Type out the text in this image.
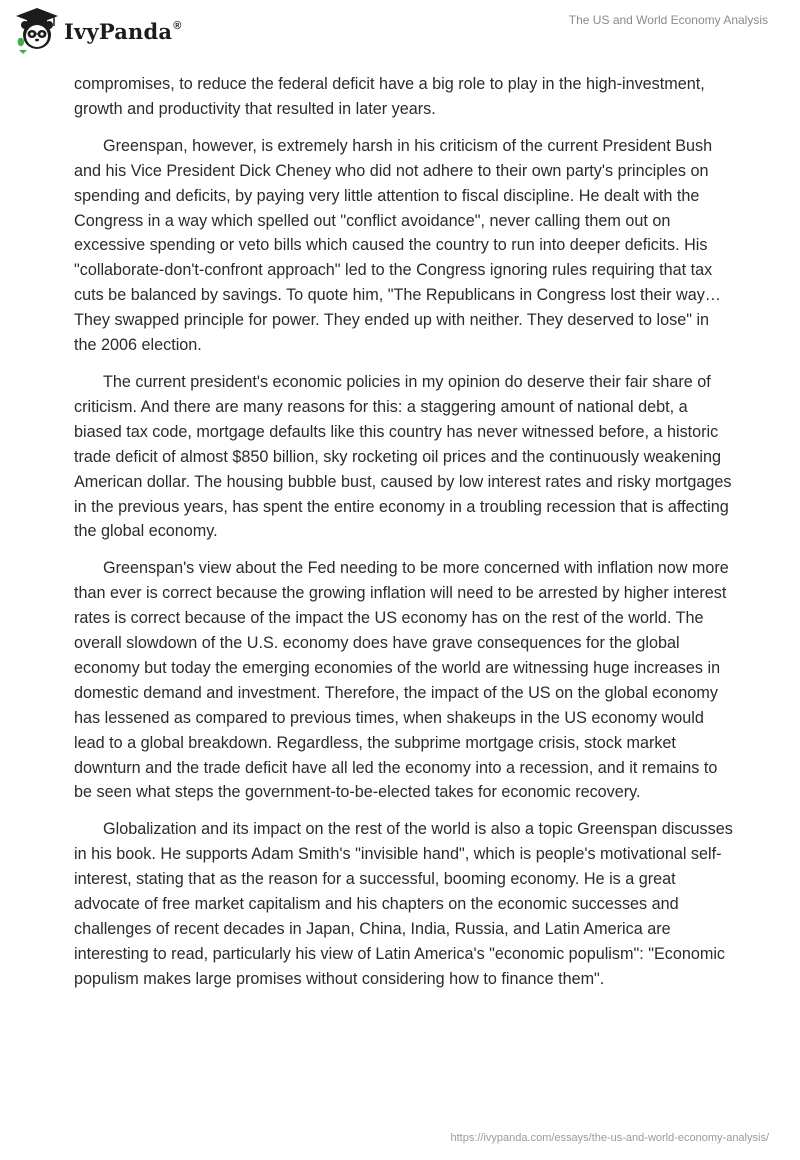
IvyPanda®	The US and World Economy Analysis

compromises, to reduce the federal deficit have a big role to play in the high-investment, growth and productivity that resulted in later years.

Greenspan, however, is extremely harsh in his criticism of the current President Bush and his Vice President Dick Cheney who did not adhere to their own party's principles on spending and deficits, by paying very little attention to fiscal discipline. He dealt with the Congress in a way which spelled out "conflict avoidance", never calling them out on excessive spending or veto bills which caused the country to run into deeper deficits. His "collaborate-don't-confront approach" led to the Congress ignoring rules requiring that tax cuts be balanced by savings. To quote him, "The Republicans in Congress lost their way… They swapped principle for power. They ended up with neither. They deserved to lose" in the 2006 election.

The current president's economic policies in my opinion do deserve their fair share of criticism. And there are many reasons for this: a staggering amount of national debt, a biased tax code, mortgage defaults like this country has never witnessed before, a historic trade deficit of almost $850 billion, sky rocketing oil prices and the continuously weakening American dollar. The housing bubble bust, caused by low interest rates and risky mortgages in the previous years, has spent the entire economy in a troubling recession that is affecting the global economy.

Greenspan's view about the Fed needing to be more concerned with inflation now more than ever is correct because the growing inflation will need to be arrested by higher interest rates is correct because of the impact the US economy has on the rest of the world. The overall slowdown of the U.S. economy does have grave consequences for the global economy but today the emerging economies of the world are witnessing huge increases in domestic demand and investment. Therefore, the impact of the US on the global economy has lessened as compared to previous times, when shakeups in the US economy would lead to a global breakdown. Regardless, the subprime mortgage crisis, stock market downturn and the trade deficit have all led the economy into a recession, and it remains to be seen what steps the government-to-be-elected takes for economic recovery.

Globalization and its impact on the rest of the world is also a topic Greenspan discusses in his book. He supports Adam Smith's "invisible hand", which is people's motivational self-interest, stating that as the reason for a successful, booming economy. He is a great advocate of free market capitalism and his chapters on the economic successes and challenges of recent decades in Japan, China, India, Russia, and Latin America are interesting to read, particularly his view of Latin America's "economic populism": "Economic populism makes large promises without considering how to finance them".

https://ivypanda.com/essays/the-us-and-world-economy-analysis/
